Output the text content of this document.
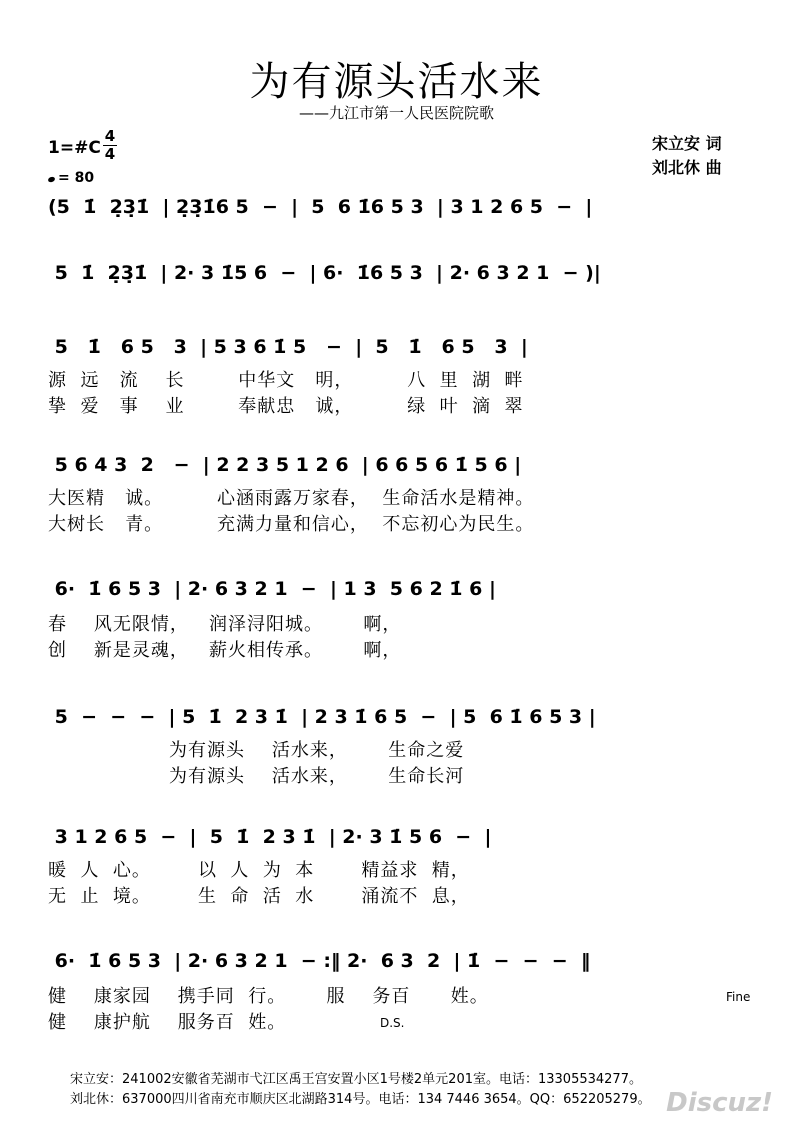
为有源头活水来
——九江市第一人民医院院歌
宋立安 词
刘北休 曲
1=#C
4
4
= 80
(5  1̇  2̣3̣1̇  | 2̣3̣1̇6 5  −  |  5  6 1̇6 5 3  | 3 1 2 6 5  −  |
5  1̇  2̣3̣1̇  | 2· 3 1̇5 6  −  | 6·  1̇6 5 3  | 2· 6 3 2 1  − )|
5   1̇   6 5   3  | 5 3 6 1̇ 5   −  |  5   1̇   6 5   3  |
源  远   流    长        中华文   明，        八  里  湖  畔
挚  爱   事    业        奉献忠   诚，        绿  叶  滴  翠
5 6 4 3  2   −  | 2 2 3 5 1 2 6  | 6 6 5 6 1̇ 5 6 |
大医精   诚。        心涵雨露万家春，  生命活水是精神。
大树长   青。        充满力量和信心，  不忘初心为民生。
6·  1̇ 6 5 3  | 2· 6 3 2 1  −  | 1 3  5 6 2 1̇ 6 |
春    风无限情，   润泽浔阳城。      啊，
创    新是灵魂，   薪火相传承。      啊，
5  −  −  −  | 5  1̇  2 3 1̇  | 2 3 1̇ 6 5  −  | 5  6 1̇ 6 5 3 |
为有源头    活水来，      生命之爱
为有源头    活水来，      生命长河
3 1 2 6 5  −  |  5  1̇  2 3 1̇  | 2· 3 1̇ 5 6  −  |
暖  人  心。       以  人  为  本       精益求  精，
无  止  境。       生  命  活  水       涌流不  息，
6·  1̇ 6 5 3  | 2· 6 3 2 1  − :‖ 2·  6 3  2  | 1̇  −  −  −  ‖
健    康家园    携手同  行。      服    务百      姓。
健    康护航    服务百  姓。
Fine
D.S.
宋立安：241002安徽省芜湖市弋江区禹王宫安置小区1号楼2单元201室。电话：13305534277。
刘北休：637000四川省南充市顺庆区北湖路314号。电话：134 7446 3654。QQ：652205279。 Discuz!
